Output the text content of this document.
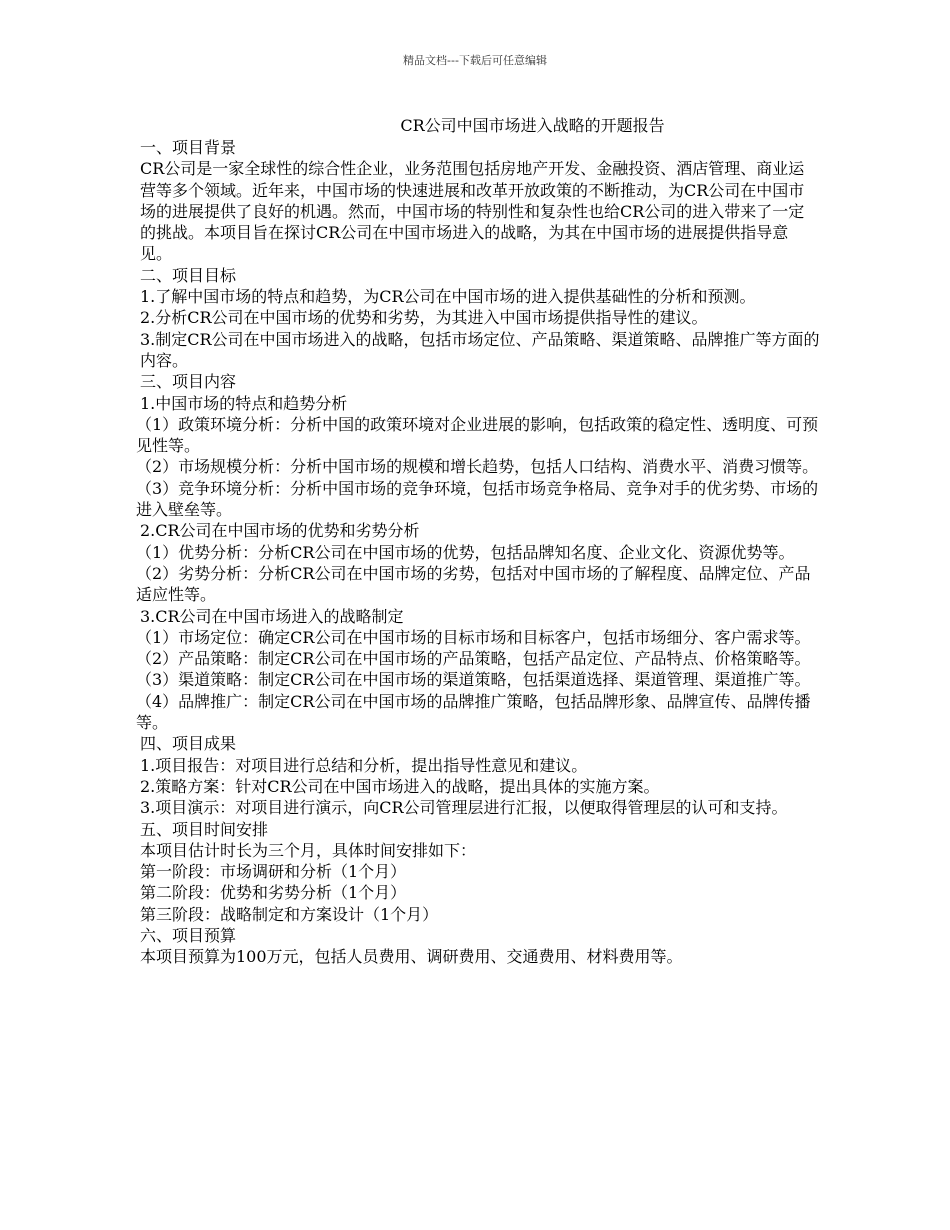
精品文档---下载后可任意编辑
CR公司中国市场进入战略的开题报告

一、项目背景

CR公司是一家全球性的综合性企业，业务范围包括房地产开发、金融投资、酒店管理、商业运营等多个领域。近年来，中国市场的快速进展和改革开放政策的不断推动，为CR公司在中国市场的进展提供了良好的机遇。然而，中国市场的特别性和复杂性也给CR公司的进入带来了一定的挑战。本项目旨在探讨CR公司在中国市场进入的战略，为其在中国市场的进展提供指导意见。

二、项目目标

1.了解中国市场的特点和趋势，为CR公司在中国市场的进入提供基础性的分析和预测。

2.分析CR公司在中国市场的优势和劣势，为其进入中国市场提供指导性的建议。

3.制定CR公司在中国市场进入的战略，包括市场定位、产品策略、渠道策略、品牌推广等方面的内容。

三、项目内容

1.中国市场的特点和趋势分析

（1）政策环境分析：分析中国的政策环境对企业进展的影响，包括政策的稳定性、透明度、可预见性等。

（2）市场规模分析：分析中国市场的规模和增长趋势，包括人口结构、消费水平、消费习惯等。

（3）竞争环境分析：分析中国市场的竞争环境，包括市场竞争格局、竞争对手的优劣势、市场的进入壁垒等。

2.CR公司在中国市场的优势和劣势分析

（1）优势分析：分析CR公司在中国市场的优势，包括品牌知名度、企业文化、资源优势等。

（2）劣势分析：分析CR公司在中国市场的劣势，包括对中国市场的了解程度、品牌定位、产品适应性等。

3.CR公司在中国市场进入的战略制定

（1）市场定位：确定CR公司在中国市场的目标市场和目标客户，包括市场细分、客户需求等。

（2）产品策略：制定CR公司在中国市场的产品策略，包括产品定位、产品特点、价格策略等。

（3）渠道策略：制定CR公司在中国市场的渠道策略，包括渠道选择、渠道管理、渠道推广等。

（4）品牌推广：制定CR公司在中国市场的品牌推广策略，包括品牌形象、品牌宣传、品牌传播等。

四、项目成果

1.项目报告：对项目进行总结和分析，提出指导性意见和建议。

2.策略方案：针对CR公司在中国市场进入的战略，提出具体的实施方案。

3.项目演示：对项目进行演示，向CR公司管理层进行汇报，以便取得管理层的认可和支持。

五、项目时间安排

本项目估计时长为三个月，具体时间安排如下：

第一阶段：市场调研和分析（1个月）

第二阶段：优势和劣势分析（1个月）

第三阶段：战略制定和方案设计（1个月）

六、项目预算

本项目预算为100万元，包括人员费用、调研费用、交通费用、材料费用等。
